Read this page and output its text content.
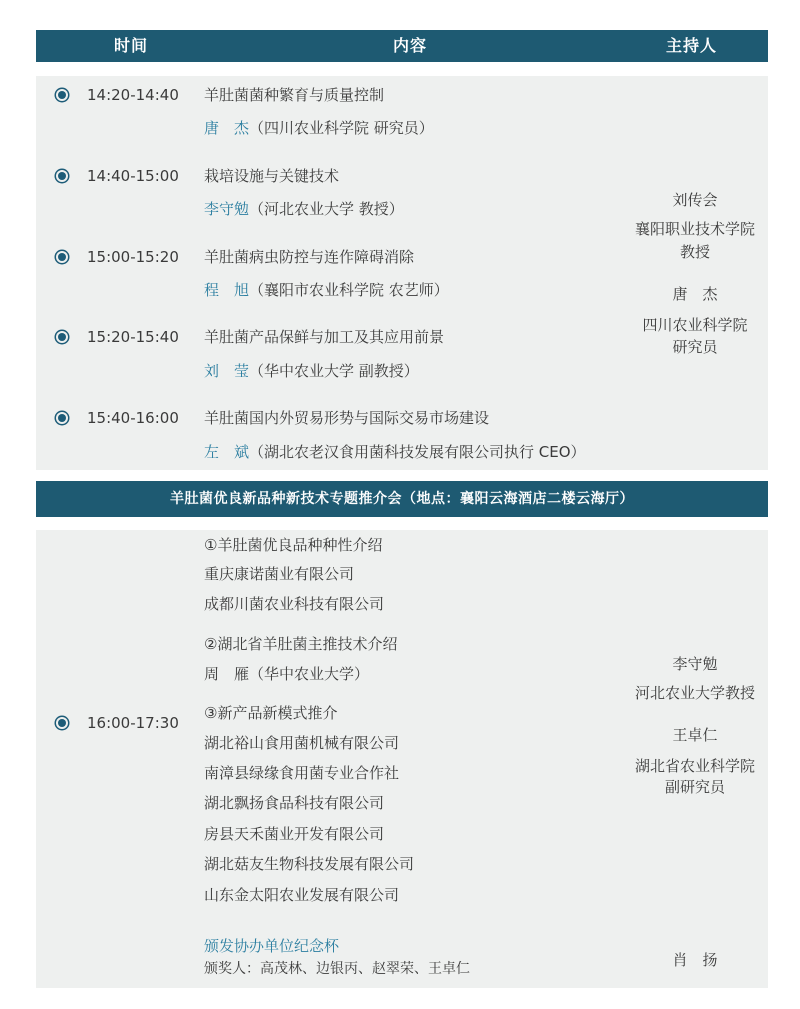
时间	内容	主持人
14:20-14:40 羊肚菌菌种繁育与质量控制
唐　杰（四川农业科学院 研究员）
14:40-15:00 栽培设施与关键技术
李守勉（河北农业大学 教授）
15:00-15:20 羊肚菌病虫防控与连作障碍消除
程　旭（襄阳市农业科学院 农艺师）
15:20-15:40 羊肚菌产品保鲜与加工及其应用前景
刘　莹（华中农业大学 副教授）
15:40-16:00 羊肚菌国内外贸易形势与国际交易市场建设
左　斌（湖北农老汉食用菌科技发展有限公司执行 CEO）
刘传会
襄阳职业技术学院
教授
唐　杰
四川农业科学院
研究员
羊肚菌优良新品种新技术专题推介会（地点：襄阳云海酒店二楼云海厅）
16:00-17:30
①羊肚菌优良品种种性介绍
重庆康诺菌业有限公司
成都川菌农业科技有限公司
②湖北省羊肚菌主推技术介绍
周　雁（华中农业大学）
③新产品新模式推介
湖北裕山食用菌机械有限公司
南漳县绿缘食用菌专业合作社
湖北飘扬食品科技有限公司
房县天禾菌业开发有限公司
湖北菇友生物科技发展有限公司
山东金太阳农业发展有限公司
颁发协办单位纪念杯
颁奖人：高茂林、边银丙、赵翠荣、王卓仁
李守勉
河北农业大学教授
王卓仁
湖北省农业科学院
副研究员
肖　扬
